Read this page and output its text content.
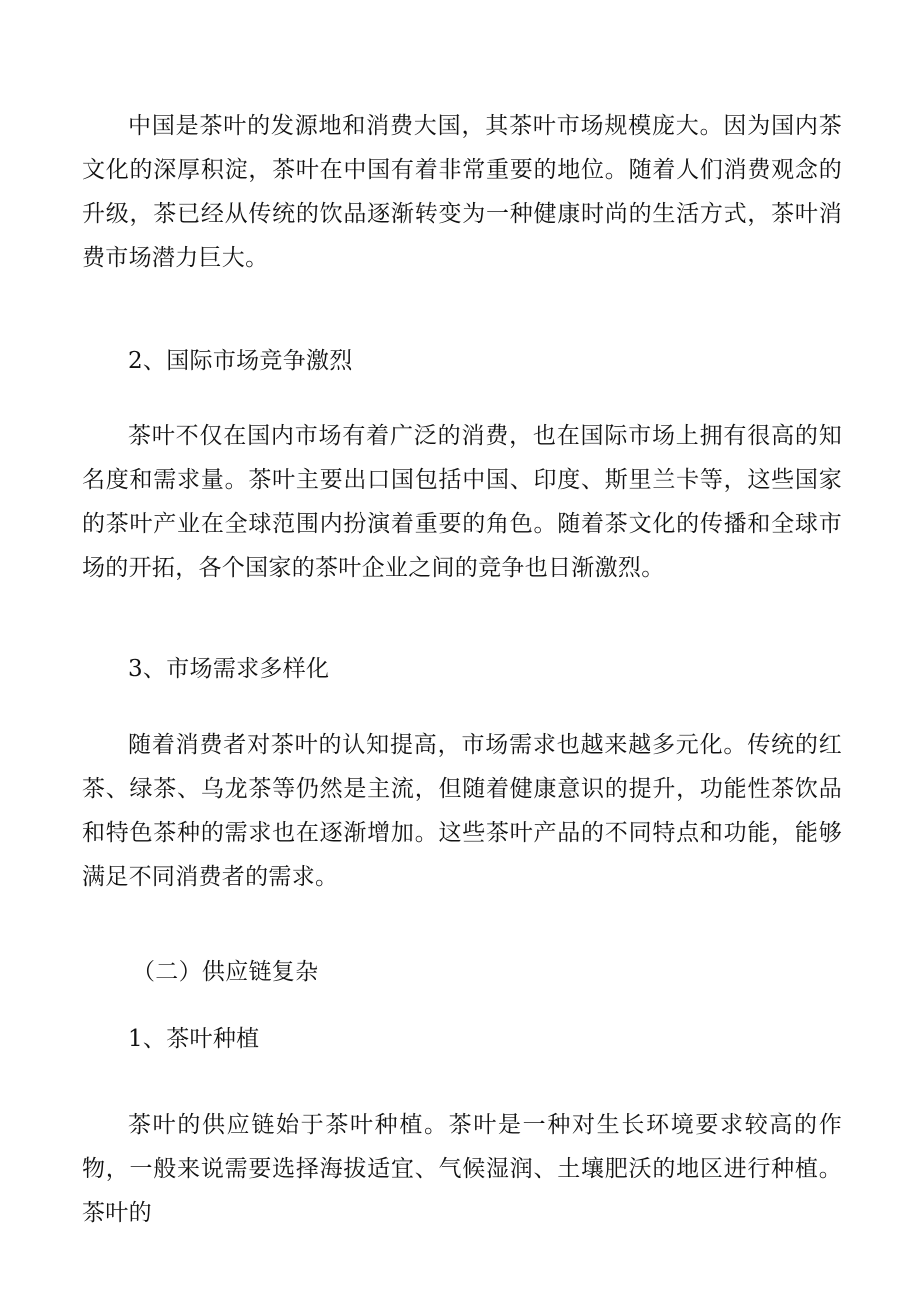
中国是茶叶的发源地和消费大国，其茶叶市场规模庞大。因为国内茶文化的深厚积淀，茶叶在中国有着非常重要的地位。随着人们消费观念的升级，茶已经从传统的饮品逐渐转变为一种健康时尚的生活方式，茶叶消费市场潜力巨大。

2、国际市场竞争激烈

茶叶不仅在国内市场有着广泛的消费，也在国际市场上拥有很高的知名度和需求量。茶叶主要出口国包括中国、印度、斯里兰卡等，这些国家的茶叶产业在全球范围内扮演着重要的角色。随着茶文化的传播和全球市场的开拓，各个国家的茶叶企业之间的竞争也日渐激烈。

3、市场需求多样化

随着消费者对茶叶的认知提高，市场需求也越来越多元化。传统的红茶、绿茶、乌龙茶等仍然是主流，但随着健康意识的提升，功能性茶饮品和特色茶种的需求也在逐渐增加。这些茶叶产品的不同特点和功能，能够满足不同消费者的需求。

（二）供应链复杂
1、茶叶种植

茶叶的供应链始于茶叶种植。茶叶是一种对生长环境要求较高的作物，一般来说需要选择海拔适宜、气候湿润、土壤肥沃的地区进行种植。茶叶的
